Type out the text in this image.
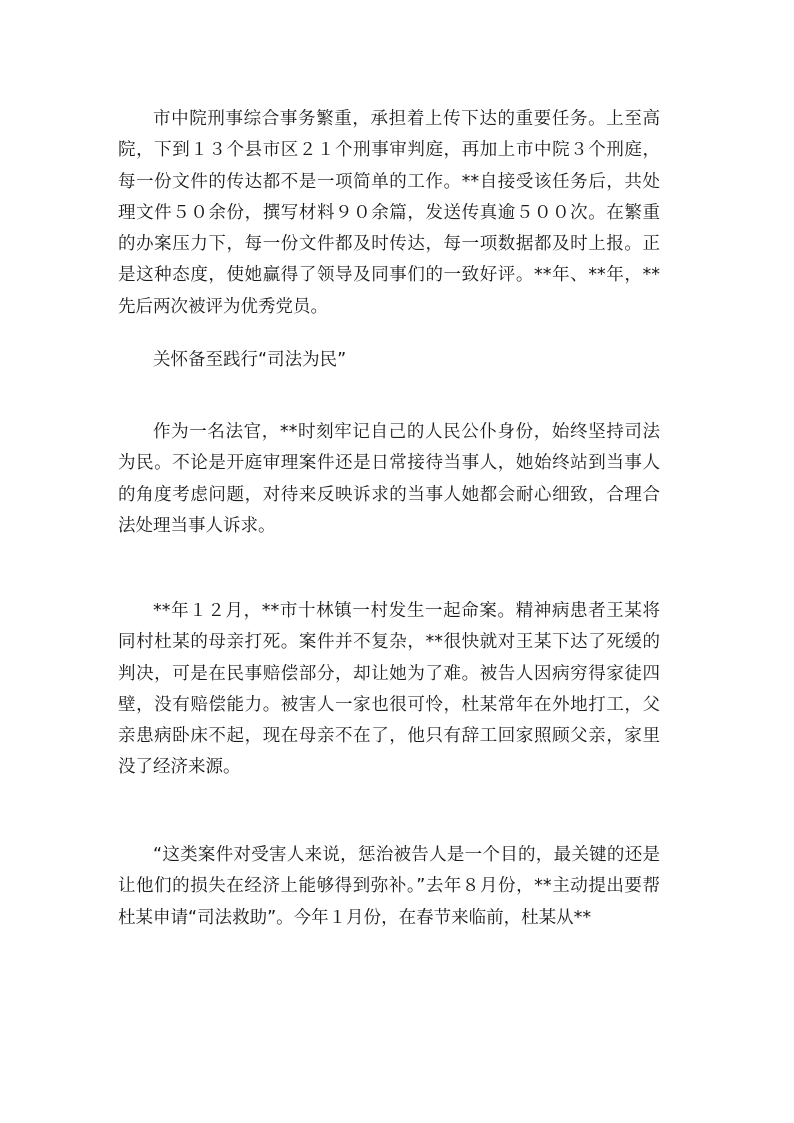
市中院刑事综合事务繁重，承担着上传下达的重要任务。上至高院，下到１３个县市区２１个刑事审判庭，再加上市中院３个刑庭，每一份文件的传达都不是一项简单的工作。**自接受该任务后，共处理文件５０余份，撰写材料９０余篇，发送传真逾５００次。在繁重的办案压力下，每一份文件都及时传达，每一项数据都及时上报。正是这种态度，使她赢得了领导及同事们的一致好评。**年、**年，**先后两次被评为优秀党员。

关怀备至践行“司法为民”

作为一名法官，**时刻牢记自己的人民公仆身份，始终坚持司法为民。不论是开庭审理案件还是日常接待当事人，她始终站到当事人的角度考虑问题，对待来反映诉求的当事人她都会耐心细致，合理合法处理当事人诉求。

**年１２月，**市十林镇一村发生一起命案。精神病患者王某将同村杜某的母亲打死。案件并不复杂，**很快就对王某下达了死缓的判决，可是在民事赔偿部分，却让她为了难。被告人因病穷得家徒四壁，没有赔偿能力。被害人一家也很可怜，杜某常年在外地打工，父亲患病卧床不起，现在母亲不在了，他只有辞工回家照顾父亲，家里没了经济来源。

“这类案件对受害人来说，惩治被告人是一个目的，最关键的还是让他们的损失在经济上能够得到弥补。”去年８月份，**主动提出要帮杜某申请“司法救助”。今年１月份，在春节来临前，杜某从**
